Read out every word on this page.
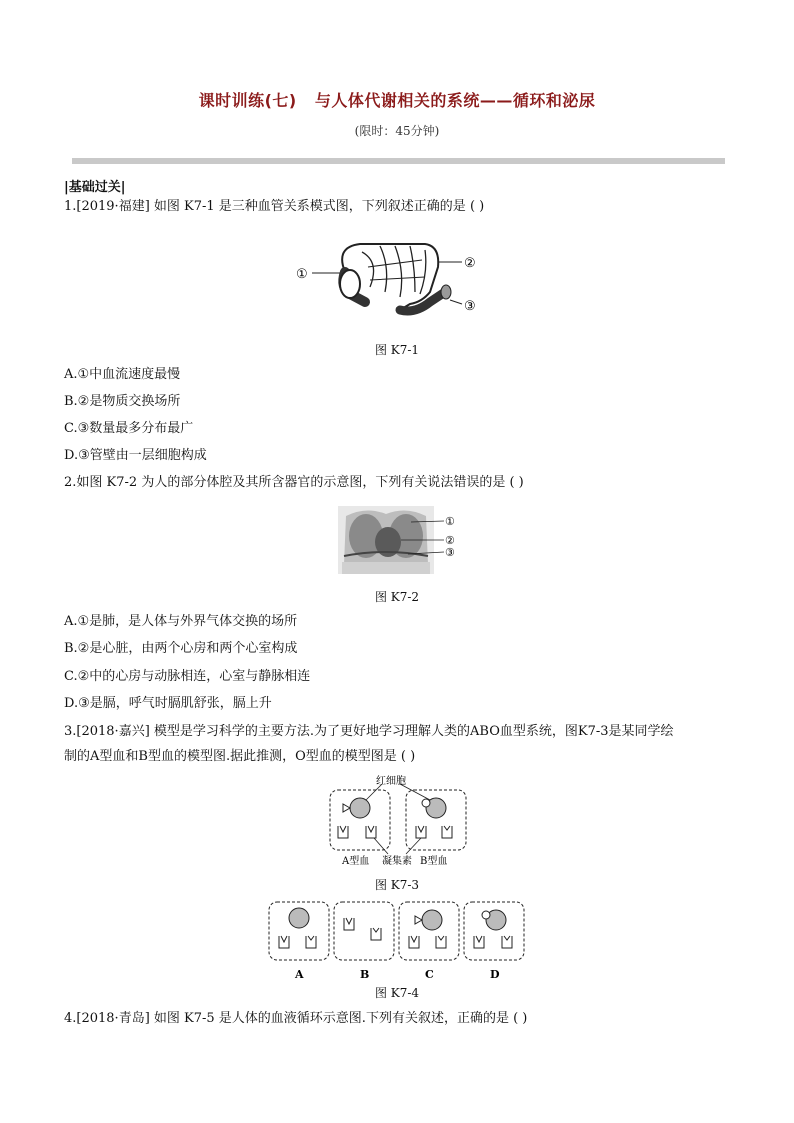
课时训练(七)   与人体代谢相关的系统——循环和泌尿
(限时：45分钟)
|基础过关|
1.[2019·福建] 如图 K7-1 是三种血管关系模式图，下列叙述正确的是 ( )
①
②
③
图 K7-1
A.①中血流速度最慢
B.②是物质交换场所
C.③数量最多分布最广
D.③管壁由一层细胞构成
2.如图 K7-2 为人的部分体腔及其所含器官的示意图，下列有关说法错误的是 ( )
①
②
③
图 K7-2
A.①是肺，是人体与外界气体交换的场所
B.②是心脏，由两个心房和两个心室构成
C.②中的心房与动脉相连，心室与静脉相连
D.③是膈，呼气时膈肌舒张，膈上升
3.[2018·嘉兴] 模型是学习科学的主要方法.为了更好地学习理解人类的ABO血型系统，图K7-3是某同学绘
制的A型血和B型血的模型图.据此推测，O型血的模型图是 ( )
红细胞
A型血 凝集素 B型血
图 K7-3
A	B	C	D
图 K7-4
4.[2018·青岛] 如图 K7-5 是人体的血液循环示意图.下列有关叙述，正确的是 ( )
